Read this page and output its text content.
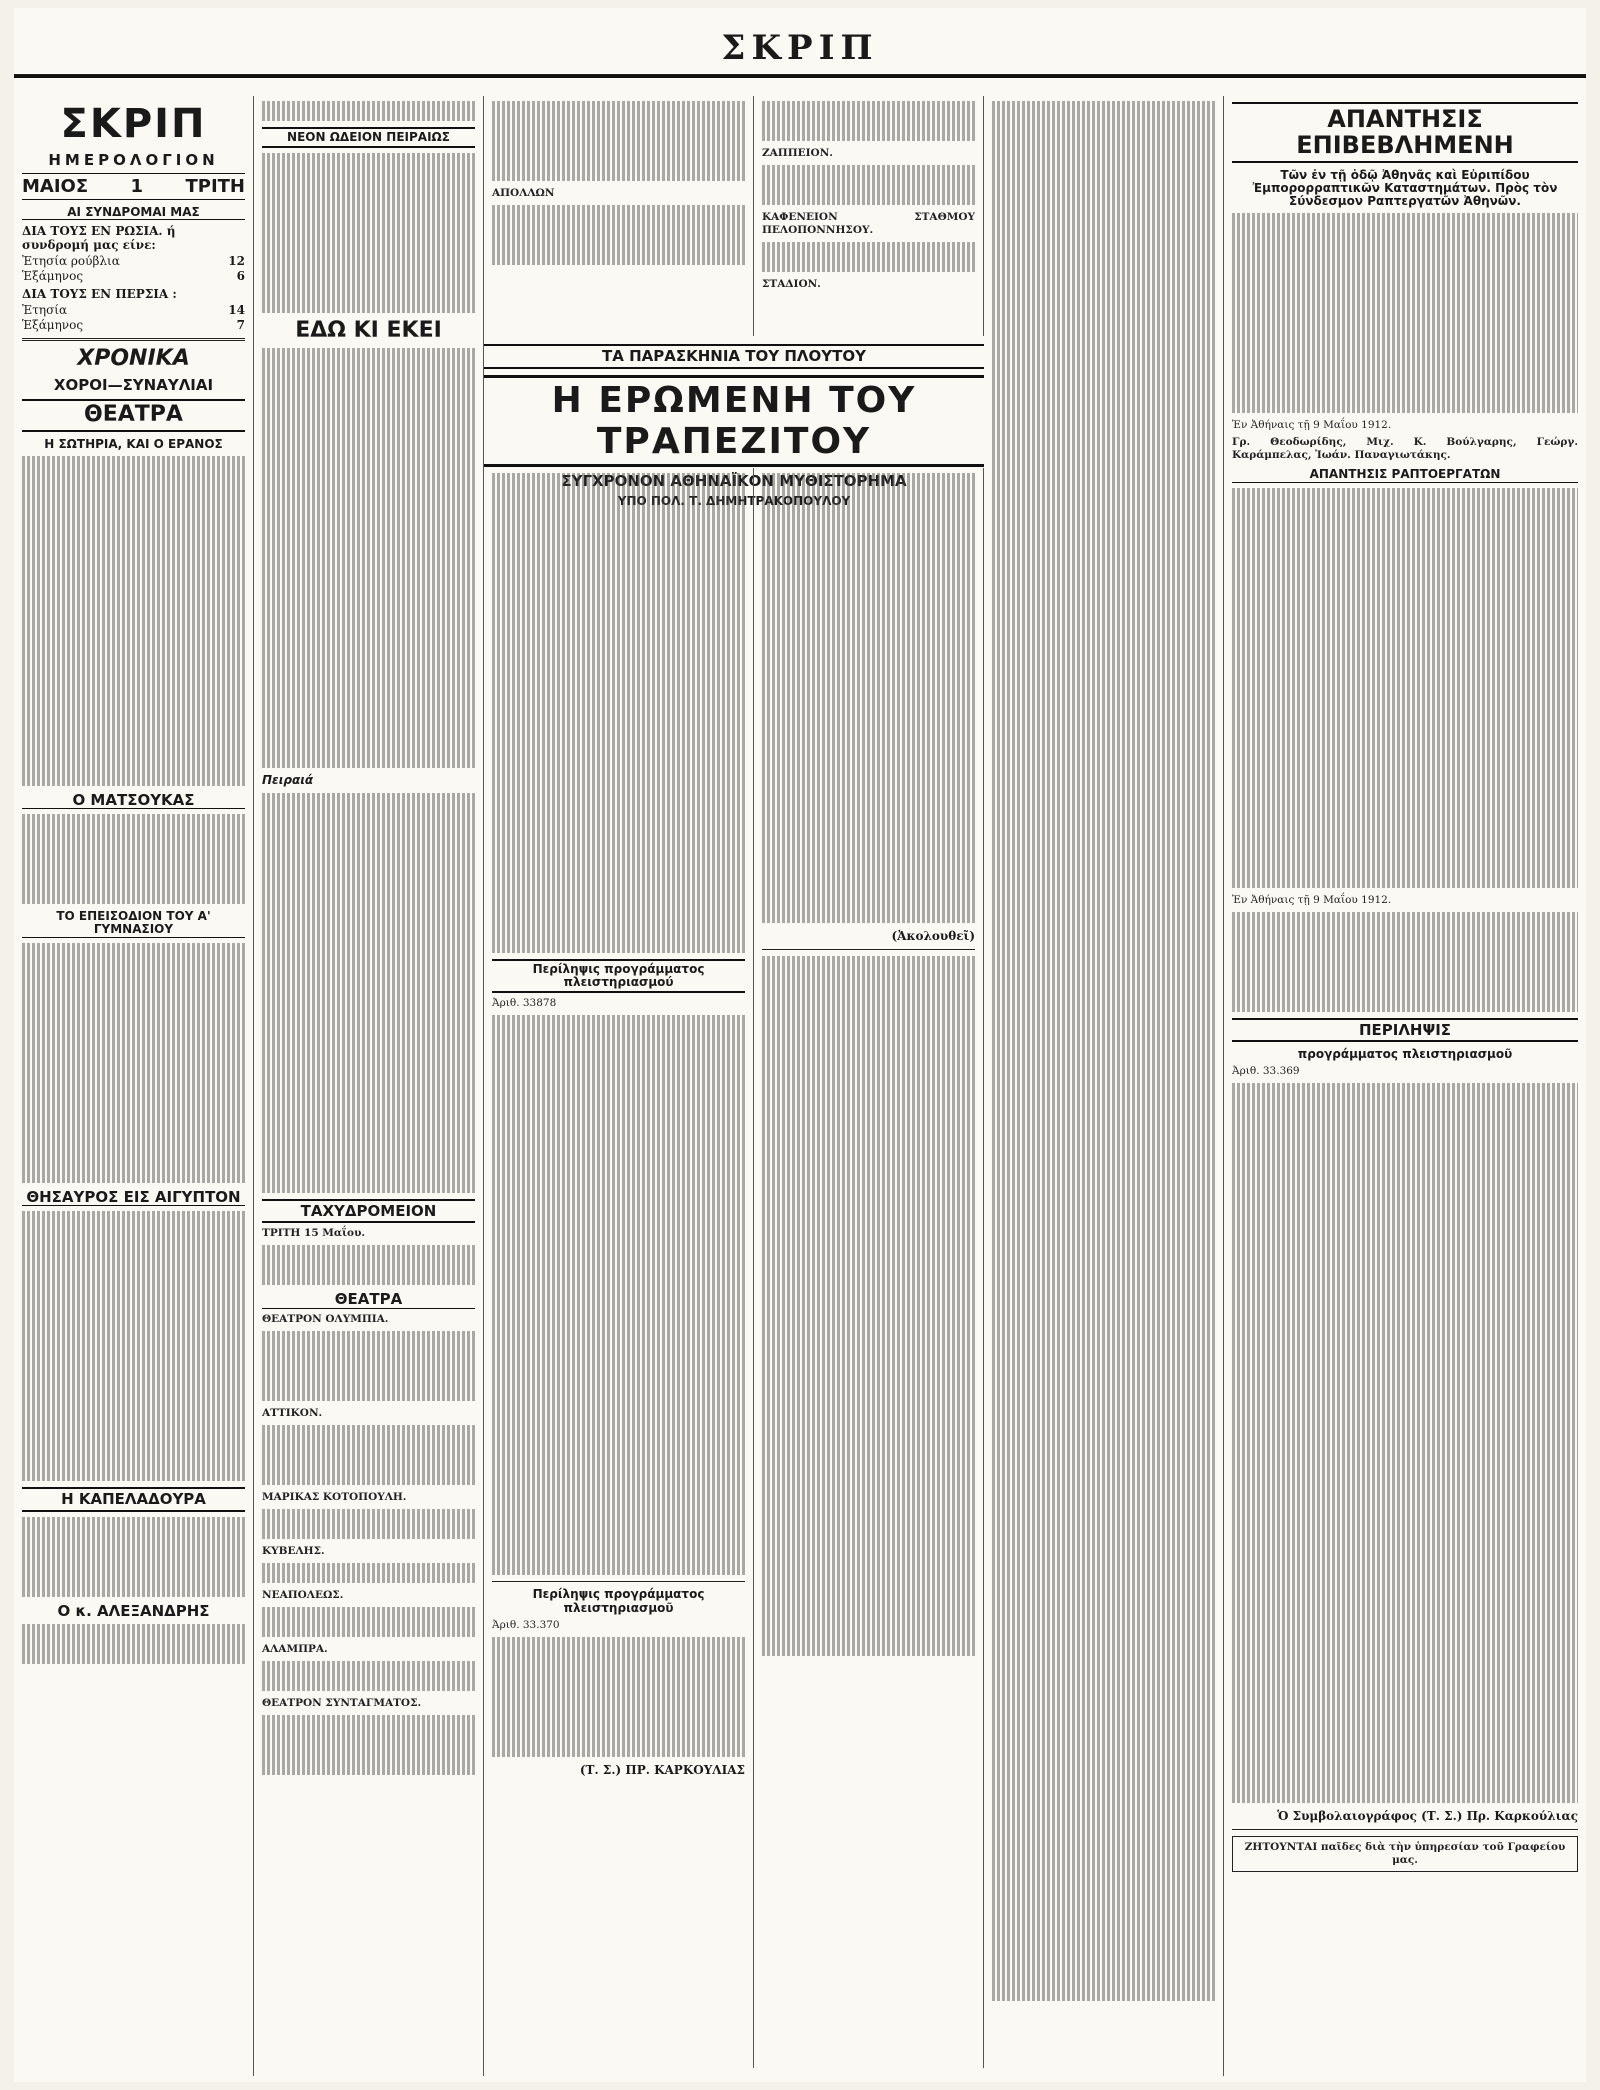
ΣΚΡΙΠ
ΣΚΡΙΠ
ΗΜΕΡΟΛΟΓΙΟΝ
ΜΑΙΟΣ 1 ΤΡΙΤΗ
ΑΙ ΣΥΝΔΡΟΜΑΙ ΜΑΣ
ΔΙΑ ΤΟΥΣ ΕΝ ΡΩΣΙΑ. ή συνδρομή μας είνε:
Ἐτησία ρούβλια	12
Ἑξάμηνος	6
ΔΙΑ ΤΟΥΣ ΕΝ ΠΕΡΣΙΑ :
Ἐτησία	14
Ἑξάμηνος	7
ΧΡΟΝΙΚΑ
ΧΟΡΟΙ—ΣΥΝΑΥΛΙΑΙ
ΘΕΑΤΡΑ
Η ΣΩΤΗΡΙΑ, ΚΑΙ Ο ΕΡΑΝΟΣ
Ο ΜΑΤΣΟΥΚΑΣ
ΤΟ ΕΠΕΙΣΟΔΙΟΝ ΤΟΥ Α' ΓΥΜΝΑΣΙΟΥ
ΘΗΣΑΥΡΟΣ ΕΙΣ ΑΙΓΥΠΤΟΝ
Η ΚΑΠΕΛΑΔΟΥΡΑ
Ο κ. ΑΛΕΞΑΝΔΡΗΣ
ΝΕΟΝ ΩΔΕΙΟΝ ΠΕΙΡΑΙΩΣ
ΕΔΩ ΚΙ ΕΚΕΙ
Πειραιά
ΤΑΧΥΔΡΟΜΕΙΟΝ
ΤΡΙΤΗ 15 Μαΐου.
ΘΕΑΤΡΑ
ΘΕΑΤΡΟΝ ΟΛΥΜΠΙΑ.
ΑΤΤΙΚΟΝ.
ΜΑΡΙΚΑΣ ΚΟΤΟΠΟΥΛΗ.
ΚΥΒΕΛΗΣ.
ΝΕΑΠΟΛΕΩΣ.
ΑΛΑΜΠΡΑ.
ΘΕΑΤΡΟΝ ΣΥΝΤΑΓΜΑΤΟΣ.
ΑΠΟΛΛΩΝ
ΖΑΠΠΕΙΟΝ.
ΚΑΦΕΝΕΙΟΝ ΣΤΑΘΜΟΥ ΠΕΛΟΠΟΝΝΗΣΟΥ.
ΣΤΑΔΙΟΝ.
ΤΑ ΠΑΡΑΣΚΗΝΙΑ ΤΟΥ ΠΛΟΥΤΟΥ
Η ΕΡΩΜΕΝΗ ΤΟΥ ΤΡΑΠΕΖΙΤΟΥ
ΣΥΓΧΡΟΝΟΝ ΑΘΗΝΑΪΚΟΝ ΜΥΘΙΣΤΟΡΗΜΑ
ΥΠΟ ΠΟΛ. Τ. ΔΗΜΗΤΡΑΚΟΠΟΥΛΟΥ
Περίληψις προγράμματος πλειστηριασμού
Ἀριθ. 33878
Περίληψις προγράμματος πλειστηριασμοῦ
Ἀριθ. 33.370
(Τ. Σ.) ΠΡ. ΚΑΡΚΟΥΛΙΑΣ
(Ἀκολουθεῖ)
ΑΠΑΝΤΗΣΙΣ ΕΠΙΒΕΒΛΗΜΕΝΗ
Τῶν ἐν τῇ ὁδῷ Ἀθηνᾶς καὶ Εὐριπίδου Ἐμπορορραπτικῶν Καταστημάτων. Πρὸς τὸν Σύνδεσμον Ραπτεργατῶν Ἀθηνῶν.
Ἐν Ἀθήναις τῇ 9 Μαΐου 1912.
Γρ. Θεοδωρίδης, Μιχ. Κ. Βούλγαρης, Γεώργ. Καράμπελας, Ἰωάν. Παναγιωτάκης.
ΑΠΑΝΤΗΣΙΣ ΡΑΠΤΟΕΡΓΑΤΩΝ
Ἐν Ἀθήναις τῇ 9 Μαΐου 1912.
ΠΕΡΙΛΗΨΙΣ
προγράμματος πλειστηριασμοῦ
Ἀριθ. 33.369
Ὁ Συμβολαιογράφος (Τ. Σ.) Πρ. Καρκούλιας
ΖΗΤΟΥΝΤΑΙ παῖδες διὰ τὴν ὑπηρεσίαν τοῦ Γραφείου μας.
